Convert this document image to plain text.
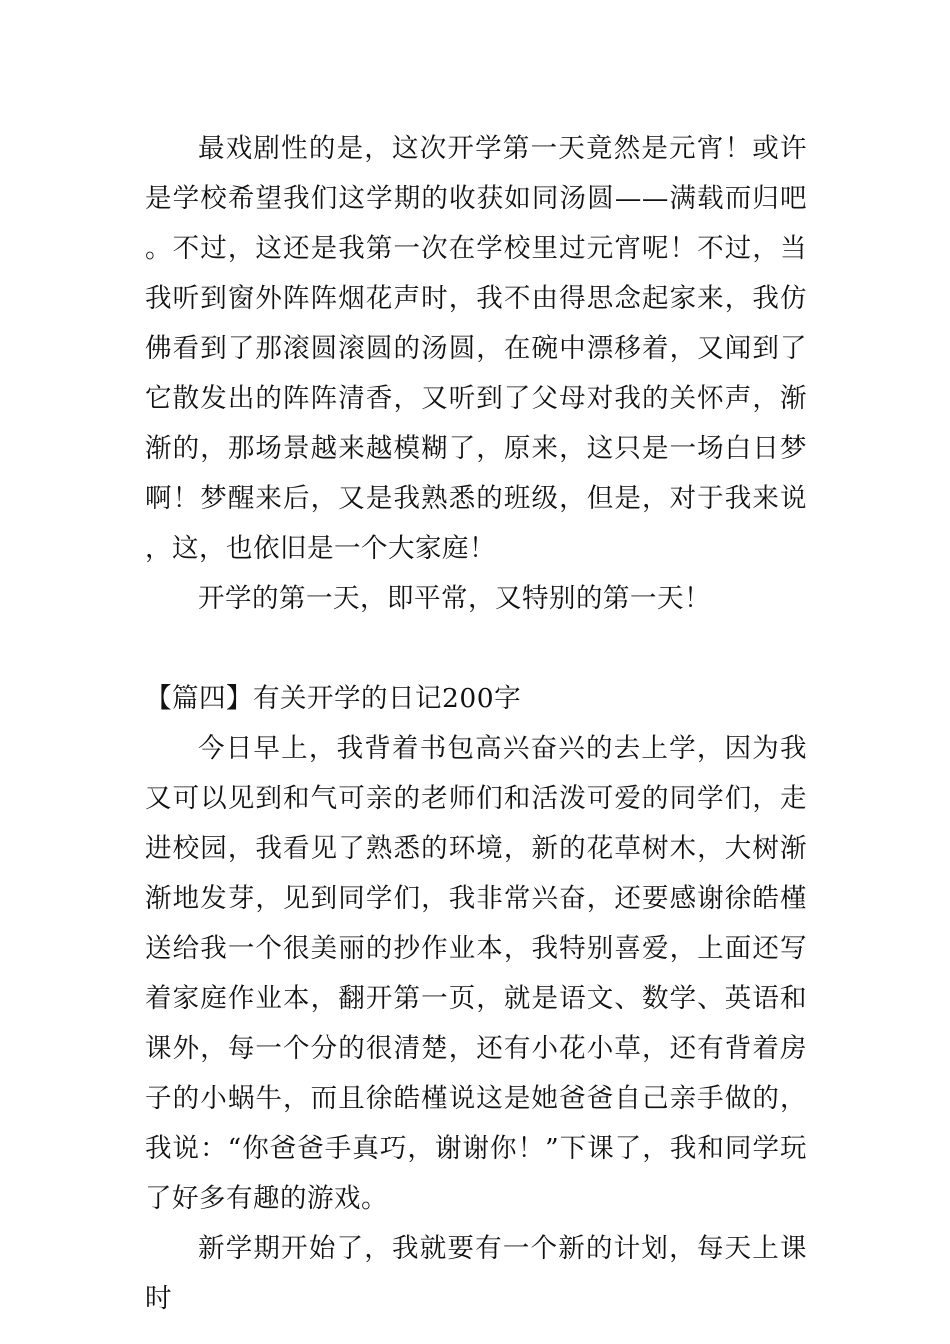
最戏剧性的是，这次开学第一天竟然是元宵！或许是学校希望我们这学期的收获如同汤圆——满载而归吧。不过，这还是我第一次在学校里过元宵呢！不过，当我听到窗外阵阵烟花声时，我不由得思念起家来，我仿佛看到了那滚圆滚圆的汤圆，在碗中漂移着，又闻到了它散发出的阵阵清香，又听到了父母对我的关怀声，渐渐的，那场景越来越模糊了，原来，这只是一场白日梦啊！梦醒来后，又是我熟悉的班级，但是，对于我来说，这，也依旧是一个大家庭！

开学的第一天，即平常，又特别的第一天！

【篇四】有关开学的日记200字

今日早上，我背着书包高兴奋兴的去上学，因为我又可以见到和气可亲的老师们和活泼可爱的同学们，走进校园，我看见了熟悉的环境，新的花草树木，大树渐渐地发芽，见到同学们，我非常兴奋，还要感谢徐皓槿送给我一个很美丽的抄作业本，我特别喜爱，上面还写着家庭作业本，翻开第一页，就是语文、数学、英语和课外，每一个分的很清楚，还有小花小草，还有背着房子的小蜗牛，而且徐皓槿说这是她爸爸自己亲手做的，我说：“你爸爸手真巧，谢谢你！”下课了，我和同学玩了好多有趣的游戏。

新学期开始了，我就要有一个新的计划，每天上课时
